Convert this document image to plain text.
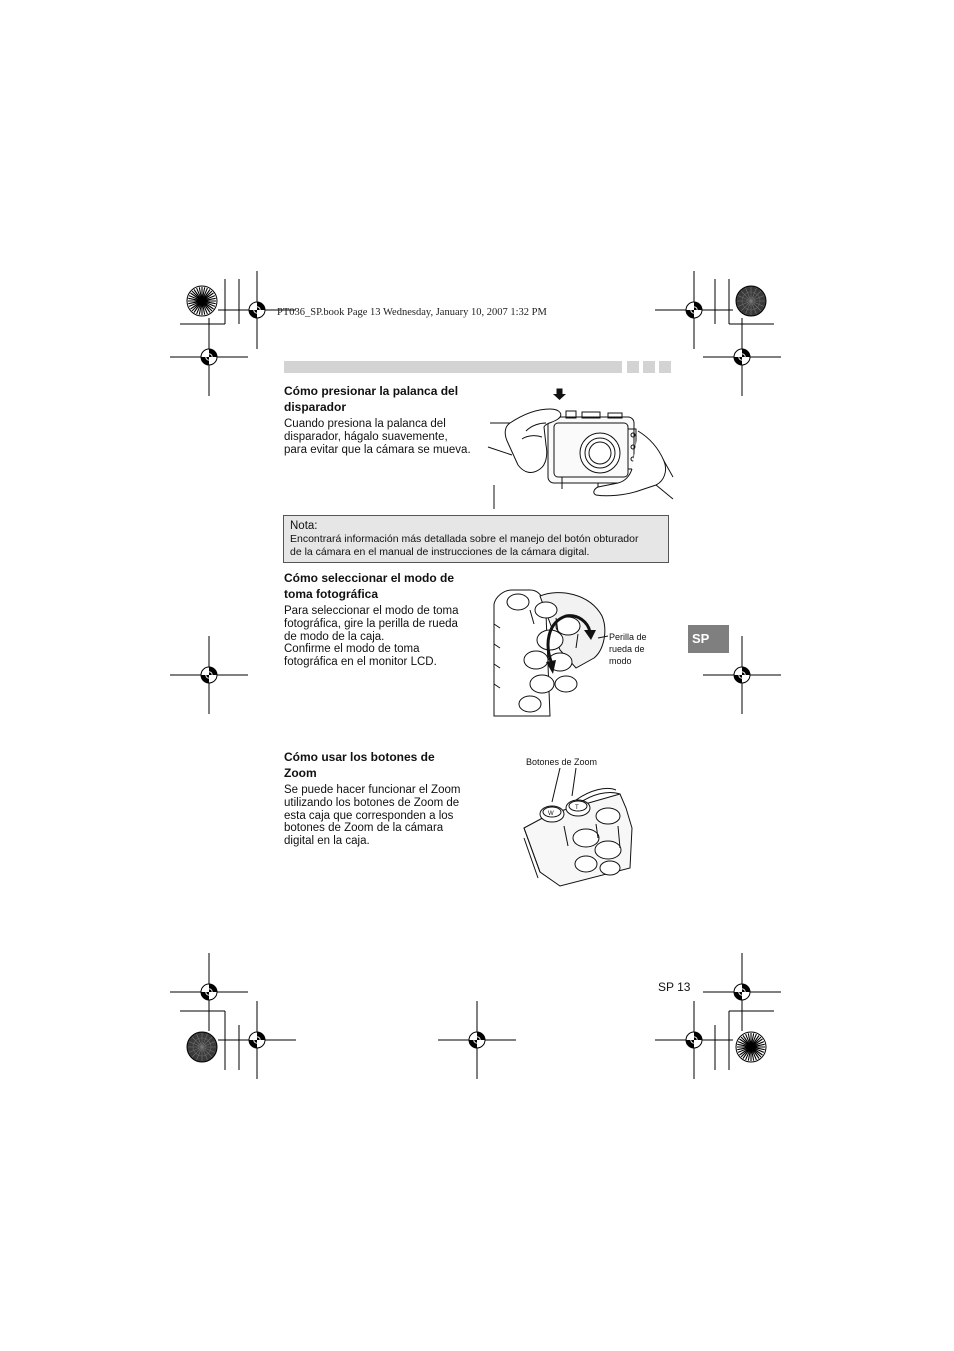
PT036_SP.book Page 13 Wednesday, January 10, 2007 1:32 PM
Cómo presionar la palanca del
disparador

Cuando presiona la palanca del
disparador, hágalo suavemente,
para evitar que la cámara se mueva.

Nota:
Encontrará información más detallada sobre el manejo del botón obturador
de la cámara en el manual de instrucciones de la cámara digital.
Cómo seleccionar el modo de
toma fotográfica

Para seleccionar el modo de toma
fotográfica, gire la perilla de rueda
de modo de la caja.
Confirme el modo de toma
fotográfica en el monitor LCD.

Perilla de
rueda de
modo
SP
Cómo usar los botones de
Zoom

Se puede hacer funcionar el Zoom
utilizando los botones de Zoom de
esta caja que corresponden a los
botones de Zoom de la cámara
digital en la caja.

Botones de Zoom
W
T
SP 13
